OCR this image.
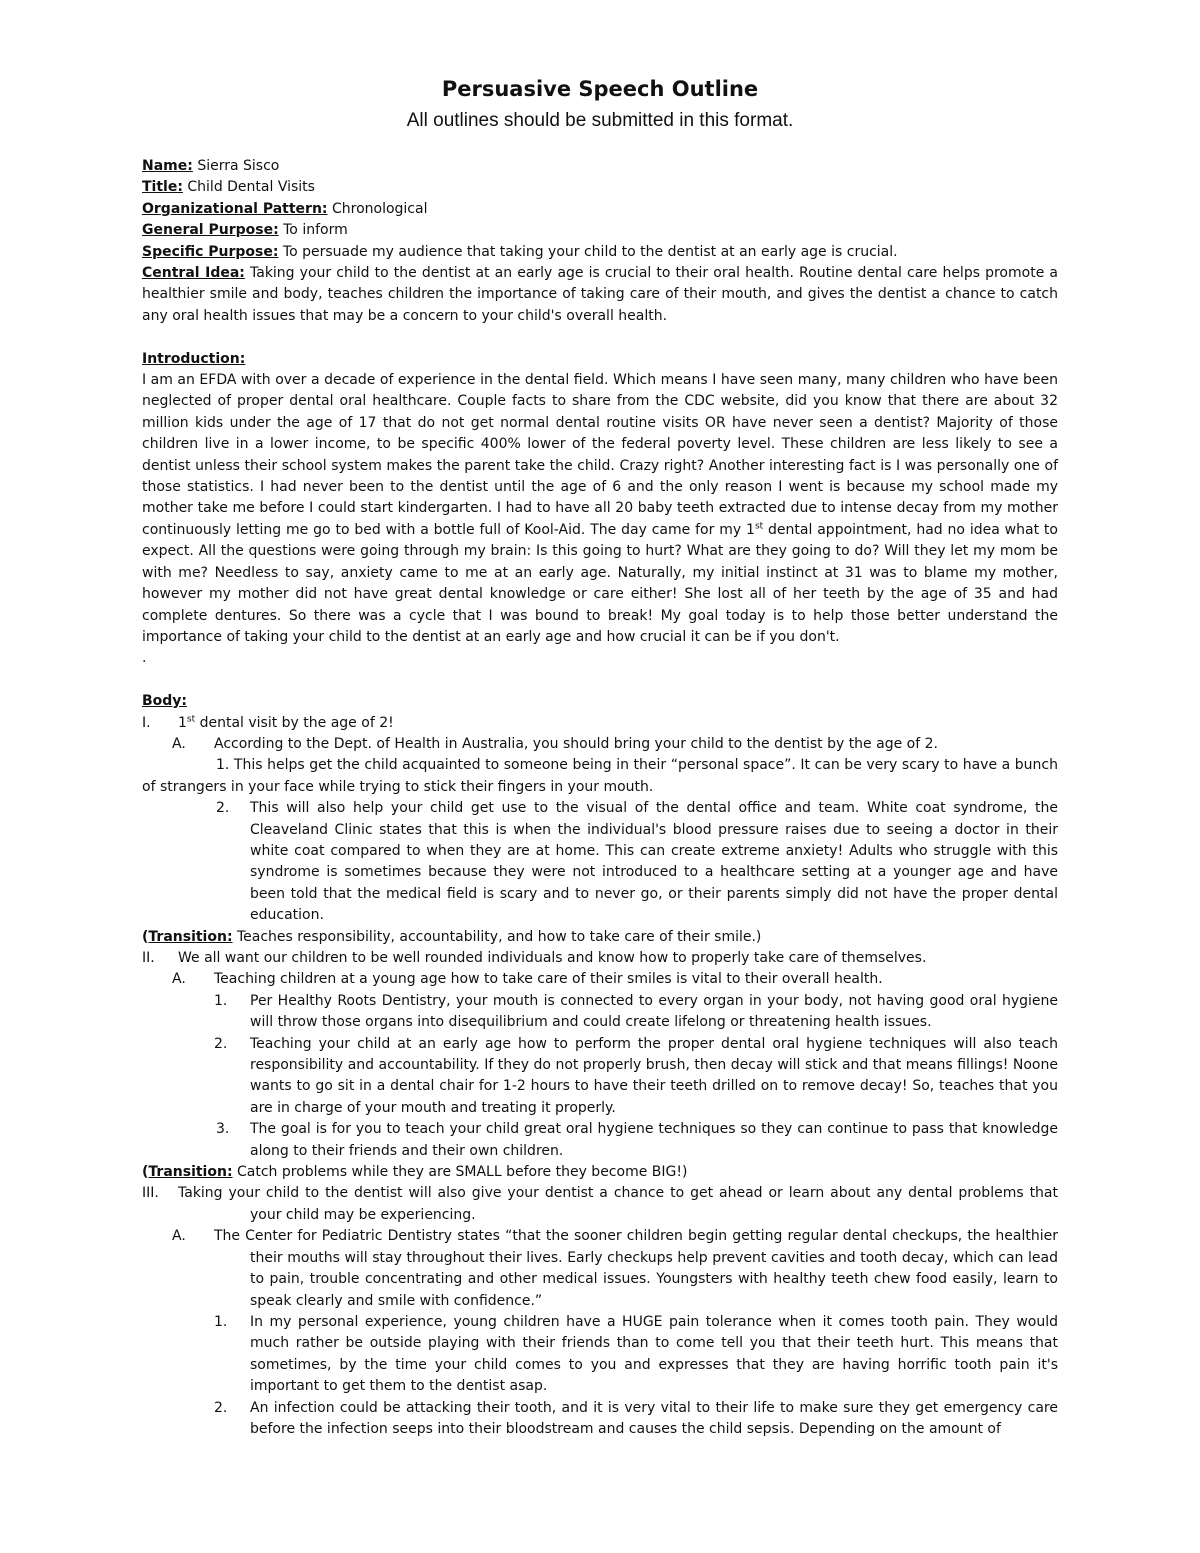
Persuasive Speech Outline
All outlines should be submitted in this format.

Name: Sierra Sisco

Title: Child Dental Visits

Organizational Pattern: Chronological

General Purpose: To inform

Specific Purpose: To persuade my audience that taking your child to the dentist at an early age is crucial.

Central Idea: Taking your child to the dentist at an early age is crucial to their oral health. Routine dental care helps promote a healthier smile and body, teaches children the importance of taking care of their mouth, and gives the dentist a chance to catch any oral health issues that may be a concern to your child's overall health.

Introduction:

I am an EFDA with over a decade of experience in the dental field. Which means I have seen many, many children who have been neglected of proper dental oral healthcare. Couple facts to share from the CDC website, did you know that there are about 32 million kids under the age of 17 that do not get normal dental routine visits OR have never seen a dentist? Majority of those children live in a lower income, to be specific 400% lower of the federal poverty level. These children are less likely to see a dentist unless their school system makes the parent take the child. Crazy right? Another interesting fact is I was personally one of those statistics. I had never been to the dentist until the age of 6 and the only reason I went is because my school made my mother take me before I could start kindergarten. I had to have all 20 baby teeth extracted due to intense decay from my mother continuously letting me go to bed with a bottle full of Kool-Aid. The day came for my 1st dental appointment, had no idea what to expect. All the questions were going through my brain: Is this going to hurt? What are they going to do? Will they let my mom be with me? Needless to say, anxiety came to me at an early age. Naturally, my initial instinct at 31 was to blame my mother, however my mother did not have great dental knowledge or care either! She lost all of her teeth by the age of 35 and had complete dentures. So there was a cycle that I was bound to break! My goal today is to help those better understand the importance of taking your child to the dentist at an early age and how crucial it can be if you don't.

.

Body:

I. 1st dental visit by the age of 2!
A. According to the Dept. of Health in Australia, you should bring your child to the dentist by the age of 2.

1. This helps get the child acquainted to someone being in their “personal space”. It can be very scary to have a bunch of strangers in your face while trying to stick their fingers in your mouth.

2. This will also help your child get use to the visual of the dental office and team. White coat syndrome, the Cleaveland Clinic states that this is when the individual's blood pressure raises due to seeing a doctor in their white coat compared to when they are at home. This can create extreme anxiety! Adults who struggle with this syndrome is sometimes because they were not introduced to a healthcare setting at a younger age and have been told that the medical field is scary and to never go, or their parents simply did not have the proper dental education.

(Transition: Teaches responsibility, accountability, and how to take care of their smile.)

II. We all want our children to be well rounded individuals and know how to properly take care of themselves.
A. Teaching children at a young age how to take care of their smiles is vital to their overall health.
1. Per Healthy Roots Dentistry, your mouth is connected to every organ in your body, not having good oral hygiene will throw those organs into disequilibrium and could create lifelong or threatening health issues.
2. Teaching your child at an early age how to perform the proper dental oral hygiene techniques will also teach responsibility and accountability. If they do not properly brush, then decay will stick and that means fillings! Noone wants to go sit in a dental chair for 1-2 hours to have their teeth drilled on to remove decay! So, teaches that you are in charge of your mouth and treating it properly.
3. The goal is for you to teach your child great oral hygiene techniques so they can continue to pass that knowledge along to their friends and their own children.

(Transition: Catch problems while they are SMALL before they become BIG!)

III. Taking your child to the dentist will also give your dentist a chance to get ahead or learn about any dental problems that your child may be experiencing.
A. The Center for Pediatric Dentistry states “that the sooner children begin getting regular dental checkups, the healthier their mouths will stay throughout their lives. Early checkups help prevent cavities and tooth decay, which can lead to pain, trouble concentrating and other medical issues. Youngsters with healthy teeth chew food easily, learn to speak clearly and smile with confidence.”
1. In my personal experience, young children have a HUGE pain tolerance when it comes tooth pain. They would much rather be outside playing with their friends than to come tell you that their teeth hurt. This means that sometimes, by the time your child comes to you and expresses that they are having horrific tooth pain it's important to get them to the dentist asap.
2. An infection could be attacking their tooth, and it is very vital to their life to make sure they get emergency care before the infection seeps into their bloodstream and causes the child sepsis. Depending on the amount of
